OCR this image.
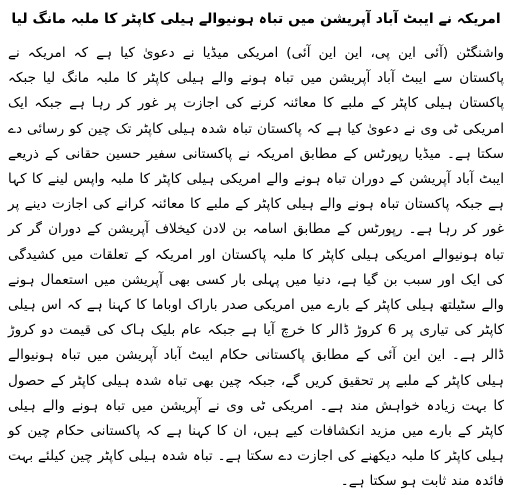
امریکہ نے ایبٹ آباد آپریشن میں تباہ ہونیوالے ہیلی کاپٹر کا ملبہ مانگ لیا

واشنگٹن (آئی این پی، این این آئی) امریکی میڈیا نے دعویٰ کیا ہے کہ امریکہ نے پاکستان سے ایبٹ آباد آپریشن میں تباہ ہونے والے ہیلی کاپٹر کا ملبہ مانگ لیا جبکہ پاکستان ہیلی کاپٹر کے ملبے کا معائنہ کرنے کی اجازت پر غور کر رہا ہے جبکہ ایک امریکی ٹی وی نے دعویٰ کیا ہے کہ پاکستان تباہ شدہ ہیلی کاپٹر تک چین کو رسائی دے سکتا ہے۔ میڈیا رپورٹس کے مطابق امریکہ نے پاکستانی سفیر حسین حقانی کے ذریعے ایبٹ آباد آپریشن کے دوران تباہ ہونے والے امریکی ہیلی کاپٹر کا ملبہ واپس لینے کا کہا ہے جبکہ پاکستان تباہ ہونے والے ہیلی کاپٹر کے ملبے کا معائنہ کرانے کی اجازت دینے پر غور کر رہا ہے۔ رپورٹس کے مطابق اسامہ بن لادن کیخلاف آپریشن کے دوران گر کر تباہ ہونیوالے امریکی ہیلی کاپٹر کا ملبہ پاکستان اور امریکہ کے تعلقات میں کشیدگی کی ایک اور سبب بن گیا ہے، دنیا میں پہلی بار کسی بھی آپریشن میں استعمال ہونے والے سٹیلتھ ہیلی کاپٹر کے بارے میں امریکی صدر باراک اوباما کا کہنا ہے کہ اس ہیلی کاپٹر کی تیاری پر 6 کروڑ ڈالر کا خرچ آیا ہے جبکہ عام بلیک ہاک کی قیمت دو کروڑ ڈالر ہے۔ این این آئی کے مطابق پاکستانی حکام ایبٹ آباد آپریشن میں تباہ ہونیوالے ہیلی کاپٹر کے ملبے پر تحقیق کریں گے، جبکہ چین بھی تباہ شدہ ہیلی کاپٹر کے حصول کا بہت زیادہ خواہش مند ہے۔ امریکی ٹی وی نے آپریشن میں تباہ ہونے والے ہیلی کاپٹر کے بارے میں مزید انکشافات کیے ہیں، ان کا کہنا ہے کہ پاکستانی حکام چین کو ہیلی کاپٹر کا ملبہ دیکھنے کی اجازت دے سکتا ہے۔ تباہ شدہ ہیلی کاپٹر چین کیلئے بہت فائدہ مند ثابت ہو سکتا ہے۔
